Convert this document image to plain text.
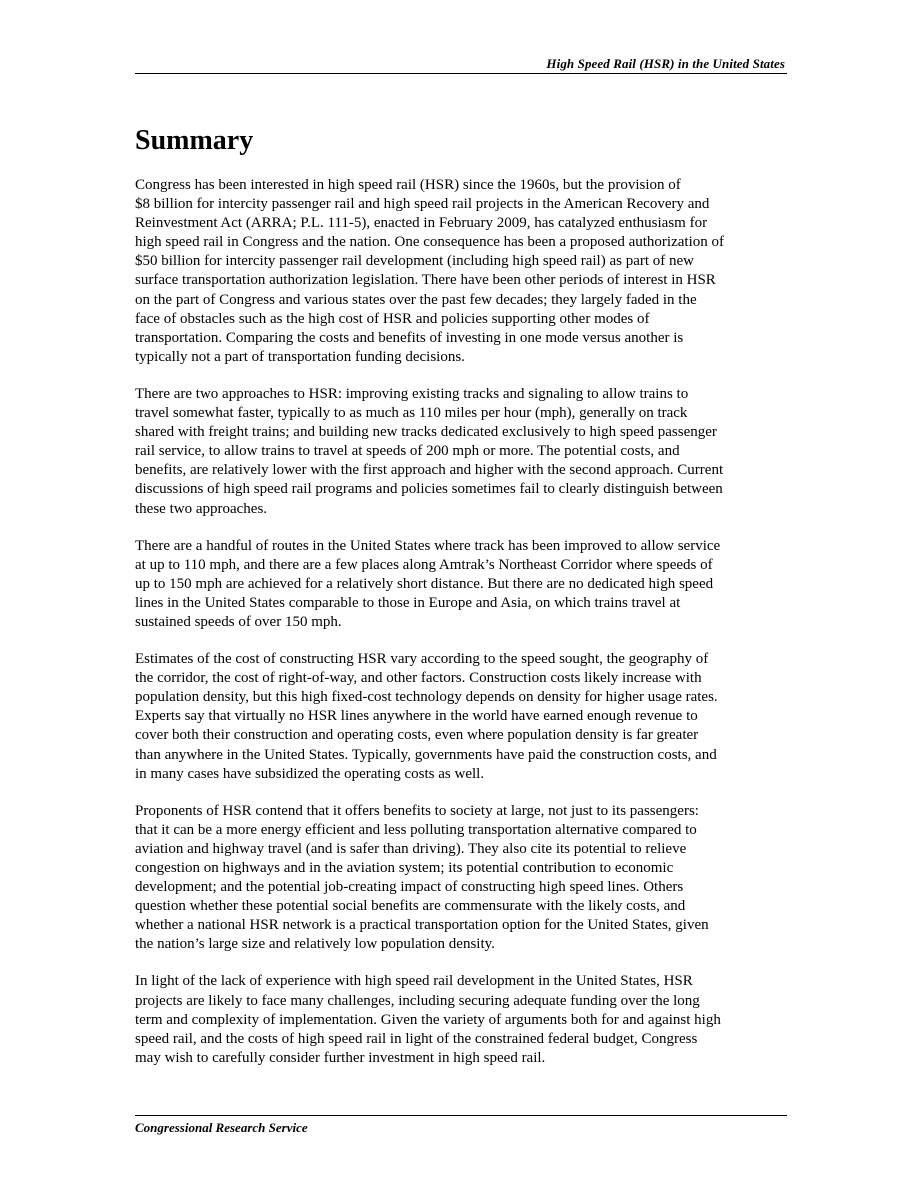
High Speed Rail (HSR) in the United States
Summary

Congress has been interested in high speed rail (HSR) since the 1960s, but the provision of
$8 billion for intercity passenger rail and high speed rail projects in the American Recovery and
Reinvestment Act (ARRA; P.L. 111-5), enacted in February 2009, has catalyzed enthusiasm for
high speed rail in Congress and the nation. One consequence has been a proposed authorization of
$50 billion for intercity passenger rail development (including high speed rail) as part of new
surface transportation authorization legislation. There have been other periods of interest in HSR
on the part of Congress and various states over the past few decades; they largely faded in the
face of obstacles such as the high cost of HSR and policies supporting other modes of
transportation. Comparing the costs and benefits of investing in one mode versus another is
typically not a part of transportation funding decisions.

There are two approaches to HSR: improving existing tracks and signaling to allow trains to
travel somewhat faster, typically to as much as 110 miles per hour (mph), generally on track
shared with freight trains; and building new tracks dedicated exclusively to high speed passenger
rail service, to allow trains to travel at speeds of 200 mph or more. The potential costs, and
benefits, are relatively lower with the first approach and higher with the second approach. Current
discussions of high speed rail programs and policies sometimes fail to clearly distinguish between
these two approaches.

There are a handful of routes in the United States where track has been improved to allow service
at up to 110 mph, and there are a few places along Amtrak’s Northeast Corridor where speeds of
up to 150 mph are achieved for a relatively short distance. But there are no dedicated high speed
lines in the United States comparable to those in Europe and Asia, on which trains travel at
sustained speeds of over 150 mph.

Estimates of the cost of constructing HSR vary according to the speed sought, the geography of
the corridor, the cost of right-of-way, and other factors. Construction costs likely increase with
population density, but this high fixed-cost technology depends on density for higher usage rates.
Experts say that virtually no HSR lines anywhere in the world have earned enough revenue to
cover both their construction and operating costs, even where population density is far greater
than anywhere in the United States. Typically, governments have paid the construction costs, and
in many cases have subsidized the operating costs as well.

Proponents of HSR contend that it offers benefits to society at large, not just to its passengers:
that it can be a more energy efficient and less polluting transportation alternative compared to
aviation and highway travel (and is safer than driving). They also cite its potential to relieve
congestion on highways and in the aviation system; its potential contribution to economic
development; and the potential job-creating impact of constructing high speed lines. Others
question whether these potential social benefits are commensurate with the likely costs, and
whether a national HSR network is a practical transportation option for the United States, given
the nation’s large size and relatively low population density.

In light of the lack of experience with high speed rail development in the United States, HSR
projects are likely to face many challenges, including securing adequate funding over the long
term and complexity of implementation. Given the variety of arguments both for and against high
speed rail, and the costs of high speed rail in light of the constrained federal budget, Congress
may wish to carefully consider further investment in high speed rail.

Congressional Research Service
